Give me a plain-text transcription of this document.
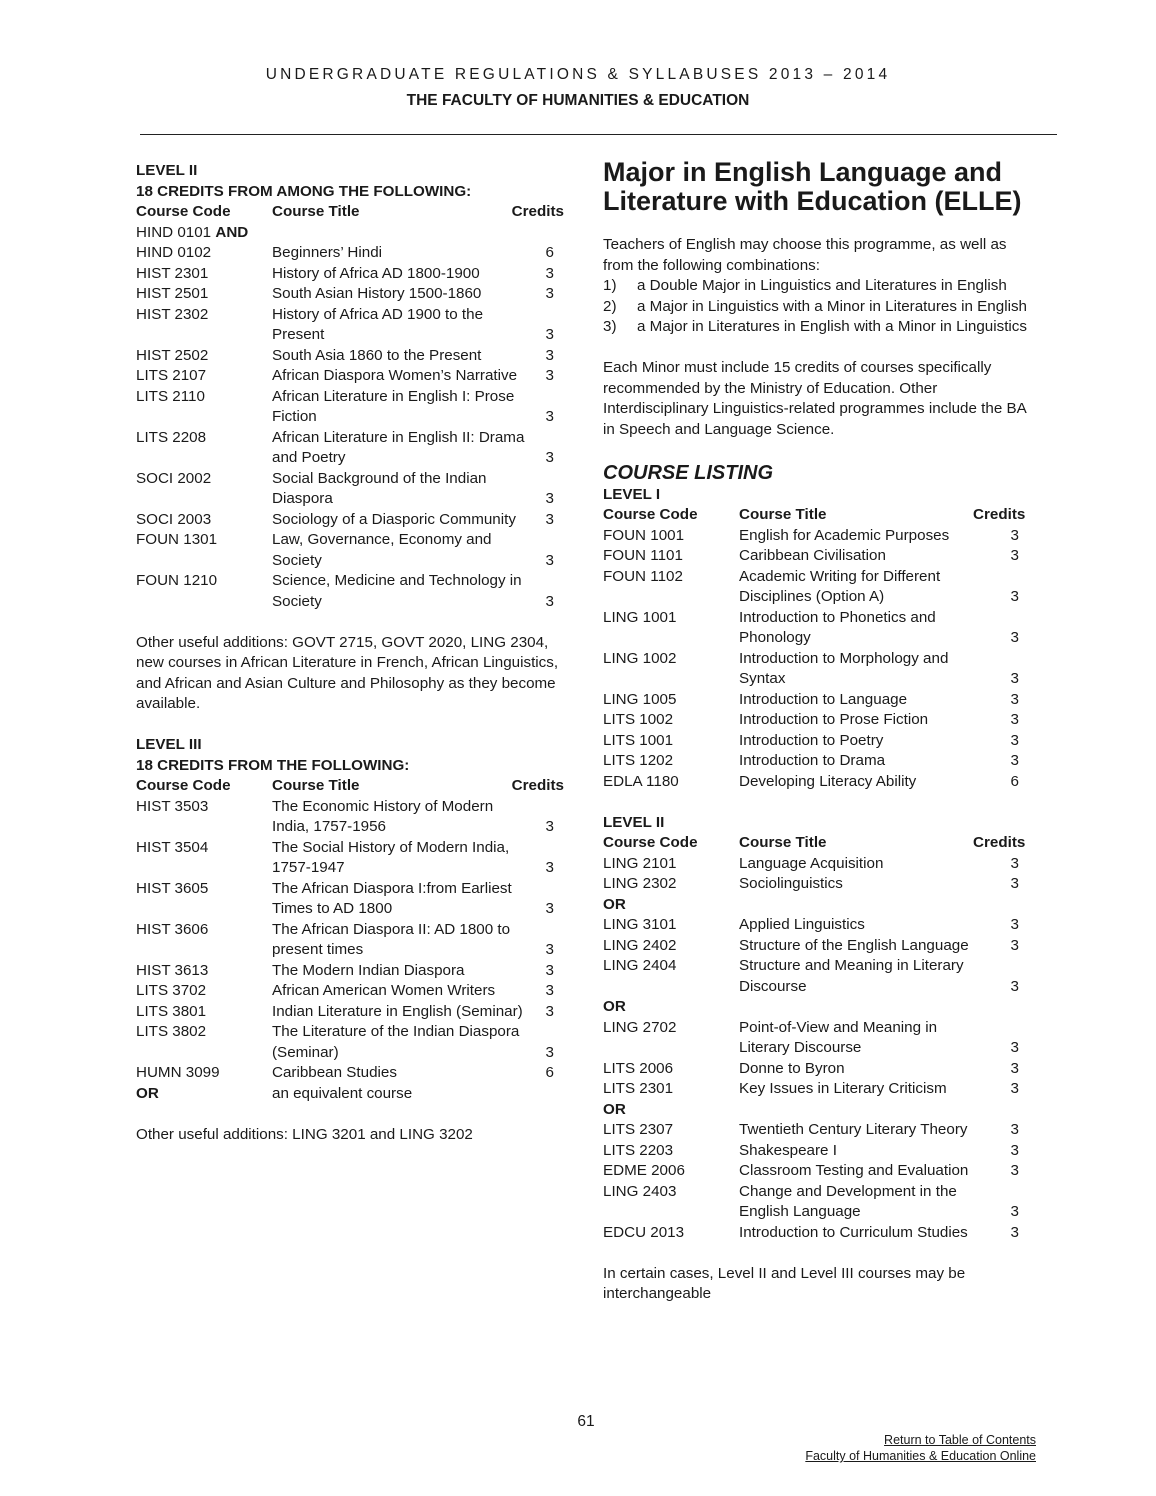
UNDERGRADUATE REGULATIONS & SYLLABUSES 2013 – 2014
THE FACULTY OF HUMANITIES & EDUCATION
LEVEL II
18 CREDITS FROM AMONG THE FOLLOWING:
Course Code	Course Title	Credits
HIND 0101 AND
HIND 0102	Beginners’ Hindi	6
HIST 2301	History of Africa AD 1800-1900	3
HIST 2501	South Asian History 1500-1860	3
HIST 2302	History of Africa AD 1900 to the Present	3
HIST 2502	South Asia 1860 to the Present	3
LITS 2107	African Diaspora Women’s Narrative	3
LITS 2110	African Literature in English I: Prose Fiction	3
LITS 2208	African Literature in English II: Drama and Poetry	3
SOCI 2002	Social Background of the Indian Diaspora	3
SOCI 2003	Sociology of a Diasporic Community	3
FOUN 1301	Law, Governance, Economy and Society	3
FOUN 1210	Science, Medicine and Technology in Society	3

Other useful additions: GOVT 2715, GOVT 2020, LING 2304, new courses in African Literature in French, African Linguistics, and African and Asian Culture and Philosophy as they become available.

LEVEL III
18 CREDITS FROM THE FOLLOWING:
Course Code	Course Title	Credits
HIST 3503	The Economic History of Modern India, 1757-1956	3
HIST 3504	The Social History of Modern India, 1757-1947	3
HIST 3605	The African Diaspora I:from Earliest Times to AD 1800	3
HIST 3606	The African Diaspora II: AD 1800 to present times	3
HIST 3613	The Modern Indian Diaspora	3
LITS 3702	African American Women Writers	3
LITS 3801	Indian Literature in English (Seminar)	3
LITS 3802	The Literature of the Indian Diaspora (Seminar)	3
HUMN 3099	Caribbean Studies	6
OR	an equivalent course

Other useful additions: LING 3201 and LING 3202

Major in English Language and Literature with Education (ELLE)

Teachers of English may choose this programme, as well as from the following combinations:

1)	a Double Major in Linguistics and Literatures in English
2)	a Major in Linguistics with a Minor in Literatures in English
3)	a Major in Literatures in English with a Minor in Linguistics

Each Minor must include 15 credits of courses specifically recommended by the Ministry of Education. Other Interdisciplinary Linguistics-related programmes include the BA in Speech and Language Science.

COURSE LISTING
LEVEL I
Course Code	Course Title	Credits
FOUN 1001	English for Academic Purposes	3
FOUN 1101	Caribbean Civilisation	3
FOUN 1102	Academic Writing for Different Disciplines (Option A)	3
LING 1001	Introduction to Phonetics and Phonology	3
LING 1002	Introduction to Morphology and Syntax	3
LING 1005	Introduction to Language	3
LITS 1002	Introduction to Prose Fiction	3
LITS 1001	Introduction to Poetry	3
LITS 1202	Introduction to Drama	3
EDLA 1180	Developing Literacy Ability	6
LEVEL II
Course Code	Course Title	Credits
LING 2101	Language Acquisition	3
LING 2302	Sociolinguistics	3
OR
LING 3101	Applied Linguistics	3
LING 2402	Structure of the English Language	3
LING 2404	Structure and Meaning in Literary Discourse	3
OR
LING 2702	Point-of-View and Meaning in Literary Discourse	3
LITS 2006	Donne to Byron	3
LITS 2301	Key Issues in Literary Criticism	3
OR
LITS 2307	Twentieth Century Literary Theory	3
LITS 2203	Shakespeare I	3
EDME 2006	Classroom Testing and Evaluation	3
LING 2403	Change and Development in the English Language	3
EDCU 2013	Introduction to Curriculum Studies	3

In certain cases, Level II and Level III courses may be interchangeable

61
Return to Table of Contents
Faculty of Humanities & Education Online
